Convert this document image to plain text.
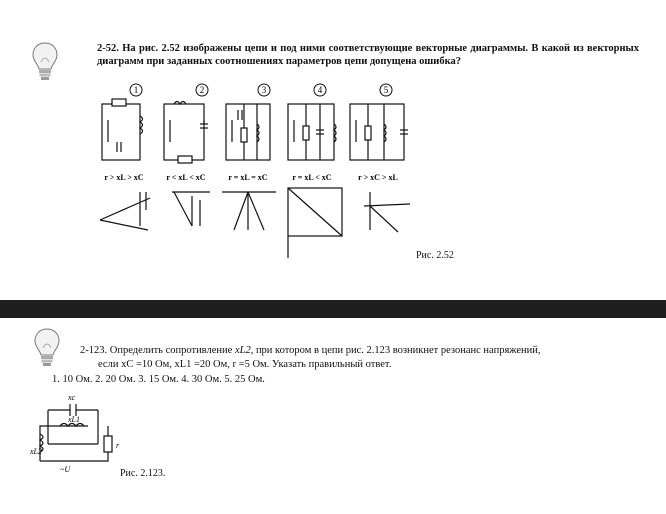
2-52. На рис. 2.52 изображены цепи и под ними соответствующие векторные диаграммы. В какой из векторных диаграмм при заданных соотношениях параметров цепи допущена ошибка?
1	2	3	4	5
r > xL > xC	r < xL < xC	r = xL = xC	r = xL < xC	r > xC > xL
Рис. 2.52
2-123. Определить сопротивление xL2, при котором в цепи рис. 2.123 возникнет резонанс напряжений,
если xC =10 Ом, xL1 =20 Ом, r =5 Ом. Указать правильный ответ.
1. 10 Ом. 2. 20 Ом. 3. 15 Ом. 4. 30 Ом. 5. 25 Ом.
xc
xL1
xL2
r
~U	Рис. 2.123.
